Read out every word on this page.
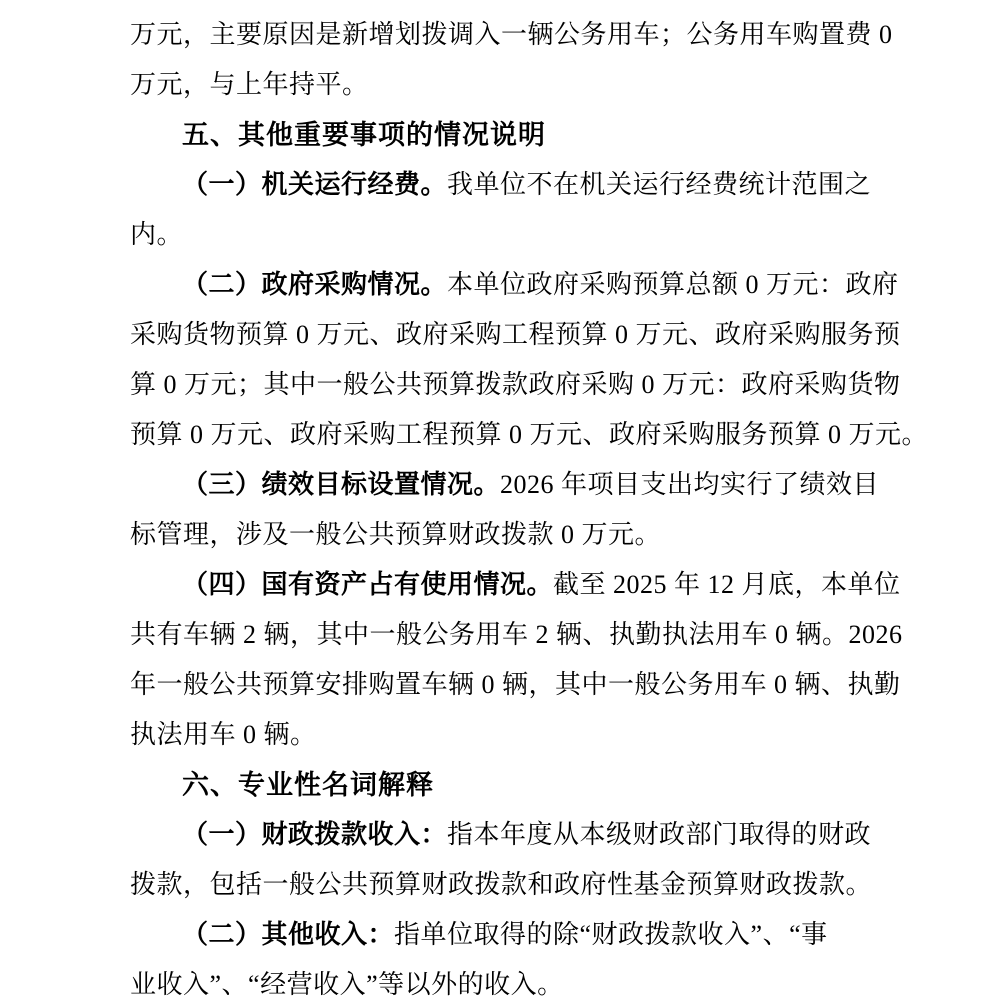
万元，主要原因是新增划拨调入一辆公务用车；公务用车购置费 0
万元，与上年持平。
五、其他重要事项的情况说明
（一）机关运行经费。我单位不在机关运行经费统计范围之
内。
（二）政府采购情况。本单位政府采购预算总额 0 万元：政府
采购货物预算 0 万元、政府采购工程预算 0 万元、政府采购服务预
算 0 万元；其中一般公共预算拨款政府采购 0 万元：政府采购货物
预算 0 万元、政府采购工程预算 0 万元、政府采购服务预算 0 万元。
（三）绩效目标设置情况。2026 年项目支出均实行了绩效目
标管理，涉及一般公共预算财政拨款 0 万元。
（四）国有资产占有使用情况。截至 2025 年 12 月底，本单位
共有车辆 2 辆，其中一般公务用车 2 辆、执勤执法用车 0 辆。2026
年一般公共预算安排购置车辆 0 辆，其中一般公务用车 0 辆、执勤
执法用车 0 辆。
六、专业性名词解释
（一）财政拨款收入：指本年度从本级财政部门取得的财政
拨款，包括一般公共预算财政拨款和政府性基金预算财政拨款。
（二）其他收入：指单位取得的除“财政拨款收入”、“事
业收入”、“经营收入”等以外的收入。
